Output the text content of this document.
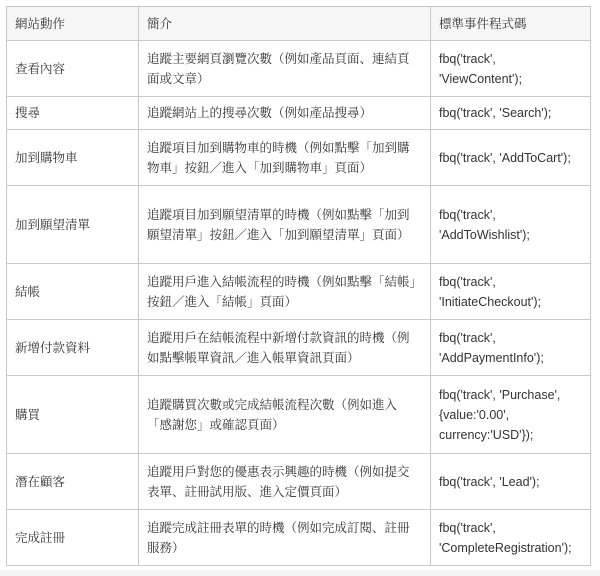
網站動作	簡介	標準事件程式碼
查看內容	追蹤主要網頁瀏覽次數（例如產品頁面、連結頁面或文章）	fbq('track',
'ViewContent');
搜尋	追蹤網站上的搜尋次數（例如產品搜尋）	fbq('track', 'Search');
加到購物車	追蹤項目加到購物車的時機（例如點擊「加到購物車」按鈕／進入「加到購物車」頁面）	fbq('track', 'AddToCart');
加到願望清單	追蹤項目加到願望清單的時機（例如點擊「加到願望清單」按鈕／進入「加到願望清單」頁面）	fbq('track',
'AddToWishlist');
結帳	追蹤用戶進入結帳流程的時機（例如點擊「結帳」按鈕／進入「結帳」頁面）	fbq('track',
'InitiateCheckout');
新增付款資料	追蹤用戶在結帳流程中新增付款資訊的時機（例如點擊帳單資訊／進入帳單資訊頁面）	fbq('track',
'AddPaymentInfo');
購買	追蹤購買次數或完成結帳流程次數（例如進入「感謝您」或確認頁面）	fbq('track', 'Purchase',
{value:'0.00',
currency:'USD'});
潛在顧客	追蹤用戶對您的優惠表示興趣的時機（例如提交表單、註冊試用版、進入定價頁面）	fbq('track', 'Lead');
完成註冊	追蹤完成註冊表單的時機（例如完成訂閱、註冊服務）	fbq('track',
'CompleteRegistration');
